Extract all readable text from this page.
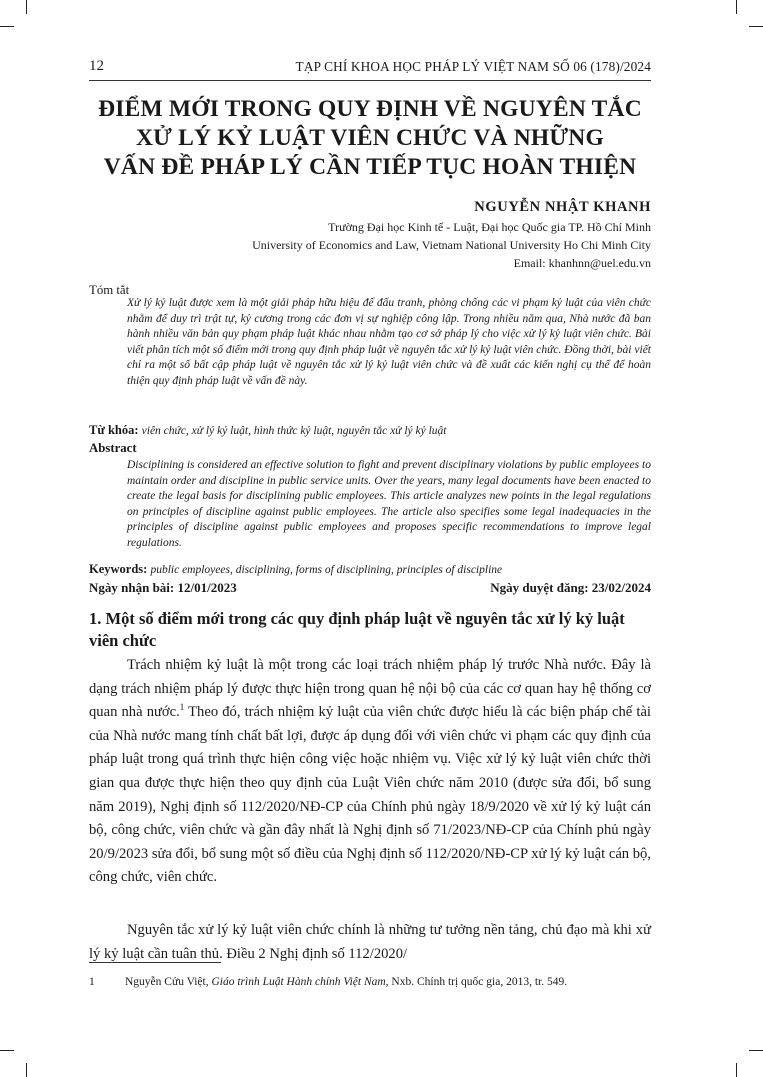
12	TẠP CHÍ KHOA HỌC PHÁP LÝ VIỆT NAM SỐ 06 (178)/2024
ĐIỂM MỚI TRONG QUY ĐỊNH VỀ NGUYÊN TẮC
XỬ LÝ KỶ LUẬT VIÊN CHỨC VÀ NHỮNG
VẤN ĐỀ PHÁP LÝ CẦN TIẾP TỤC HOÀN THIỆN
NGUYỄN NHẬT KHANH
Trường Đại học Kinh tế - Luật, Đại học Quốc gia TP. Hồ Chí Minh
University of Economics and Law, Vietnam National University Ho Chi Minh City
Email: khanhnn@uel.edu.vn
Tóm tắt

Xử lý kỷ luật được xem là một giải pháp hữu hiệu để đấu tranh, phòng chống các vi phạm kỷ luật của viên chức nhằm để duy trì trật tự, kỷ cương trong các đơn vị sự nghiệp công lập. Trong nhiều năm qua, Nhà nước đã ban hành nhiều văn bản quy phạm pháp luật khác nhau nhằm tạo cơ sở pháp lý cho việc xử lý kỷ luật viên chức. Bài viết phân tích một số điểm mới trong quy định pháp luật về nguyên tắc xử lý kỷ luật viên chức. Đồng thời, bài viết chỉ ra một số bất cập pháp luật về nguyên tắc xử lý kỷ luật viên chức và đề xuất các kiến nghị cụ thể để hoàn thiện quy định pháp luật về vấn đề này.

Từ khóa: viên chức, xử lý kỷ luật, hình thức kỷ luật, nguyên tắc xử lý kỷ luật
Abstract

Disciplining is considered an effective solution to fight and prevent disciplinary violations by public employees to maintain order and discipline in public service units. Over the years, many legal documents have been enacted to create the legal basis for disciplining public employees. This article analyzes new points in the legal regulations on principles of discipline against public employees. The article also specifies some legal inadequacies in the principles of discipline against public employees and proposes specific recommendations to improve legal regulations.

Keywords: public employees, disciplining, forms of disciplining, principles of discipline
Ngày nhận bài: 12/01/2023	Ngày duyệt đăng: 23/02/2024
1. Một số điểm mới trong các quy định pháp luật về nguyên tắc xử lý kỷ luật viên chức

Trách nhiệm kỷ luật là một trong các loại trách nhiệm pháp lý trước Nhà nước. Đây là dạng trách nhiệm pháp lý được thực hiện trong quan hệ nội bộ của các cơ quan hay hệ thống cơ quan nhà nước.$^1$ Theo đó, trách nhiệm kỷ luật của viên chức được hiểu là các biện pháp chế tài của Nhà nước mang tính chất bất lợi, được áp dụng đối với viên chức vi phạm các quy định của pháp luật trong quá trình thực hiện công việc hoặc nhiệm vụ. Việc xử lý kỷ luật viên chức thời gian qua được thực hiện theo quy định của Luật Viên chức năm 2010 (được sửa đổi, bổ sung năm 2019), Nghị định số 112/2020/NĐ-CP của Chính phủ ngày 18/9/2020 về xử lý kỷ luật cán bộ, công chức, viên chức và gần đây nhất là Nghị định số 71/2023/NĐ-CP của Chính phủ ngày 20/9/2023 sửa đổi, bổ sung một số điều của Nghị định số 112/2020/NĐ-CP xử lý kỷ luật cán bộ, công chức, viên chức.

Nguyên tắc xử lý kỷ luật viên chức chính là những tư tưởng nền tảng, chủ đạo mà khi xử lý kỷ luật cần tuân thủ. Điều 2 Nghị định số 112/2020/

1	Nguyễn Cửu Việt, Giáo trình Luật Hành chính Việt Nam, Nxb. Chính trị quốc gia, 2013, tr. 549.
